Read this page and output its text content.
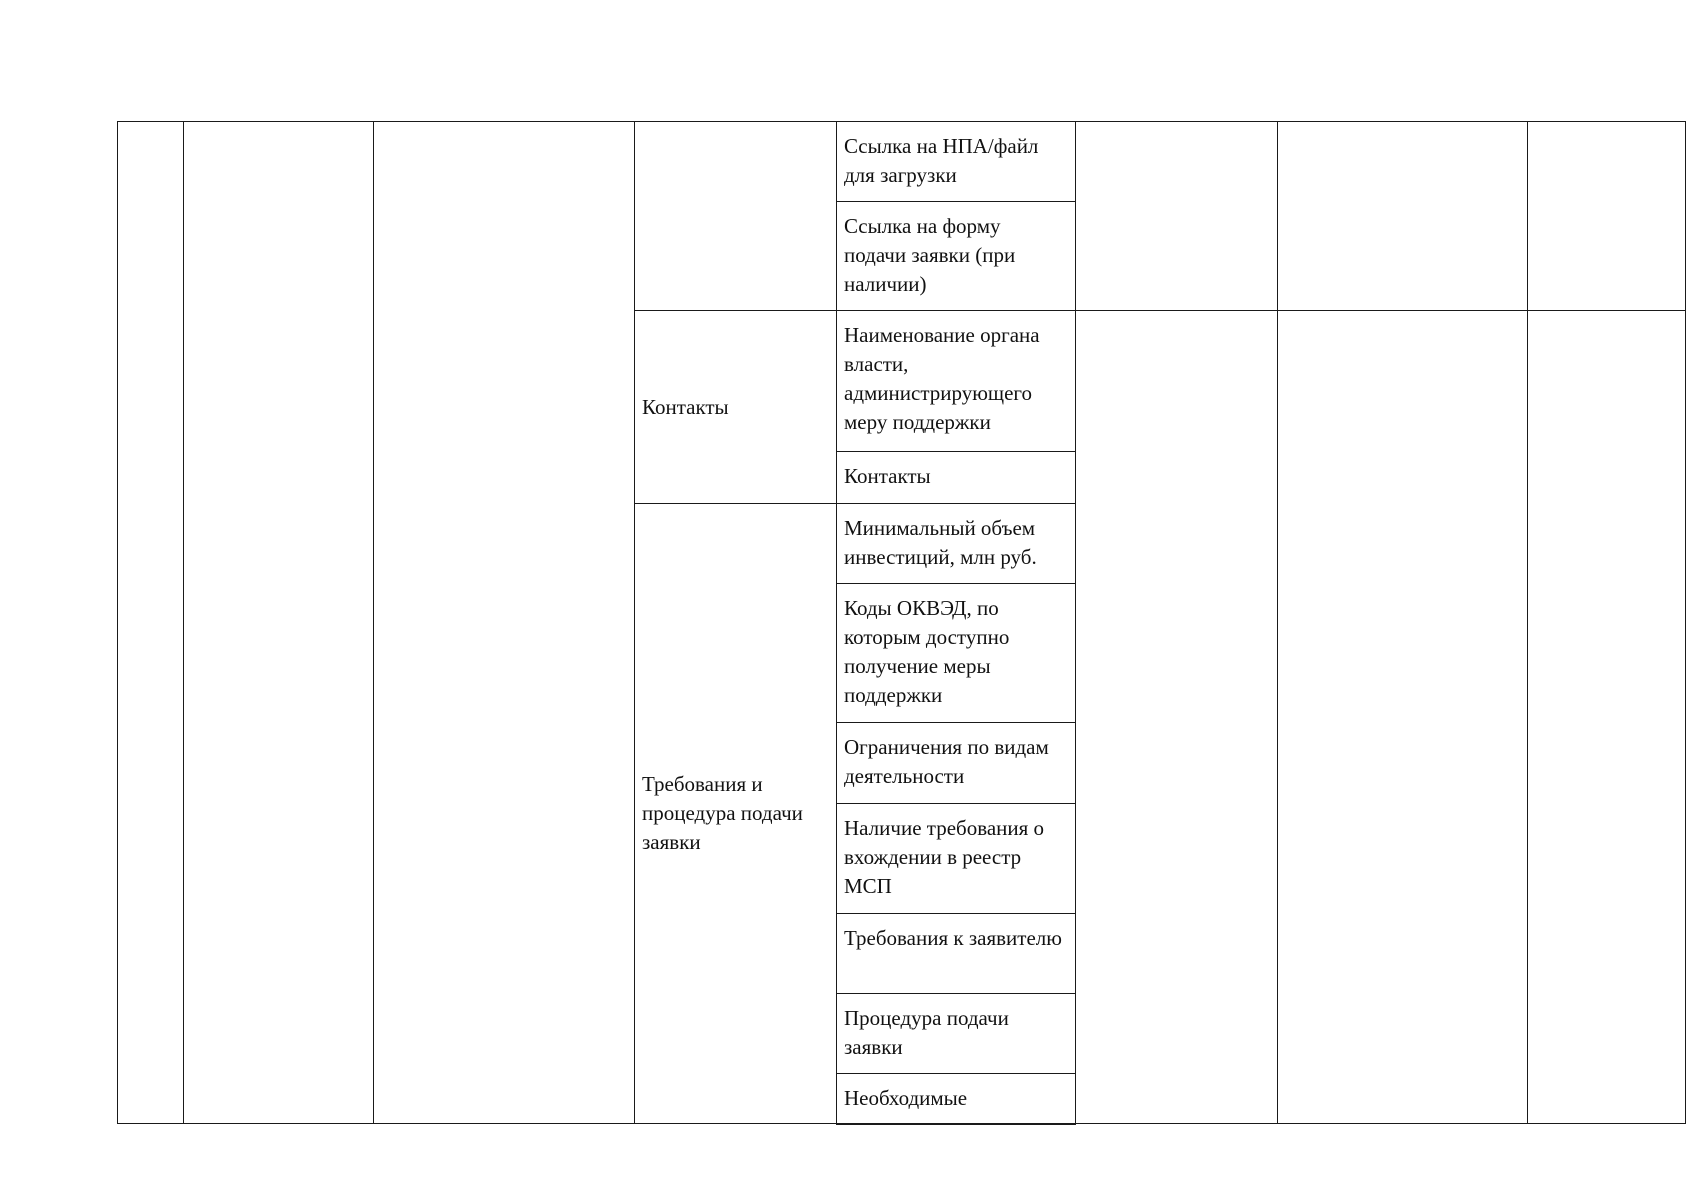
				Ссылка на НПА/файл для загрузки			
				Ссылка на форму подачи заявки (при наличии)			
			Контакты	Наименование органа власти, администрирующего меру поддержки			
				Контакты			
			Требования и процедура подачи заявки	Минимальный объем инвестиций, млн руб.			
				Коды ОКВЭД, по которым доступно получение меры поддержки			
				Ограничения по видам деятельности			
				Наличие требования о вхождении в реестр МСП			
				Требования к заявителю			
				Процедура подачи заявки			
				Необходимые			
